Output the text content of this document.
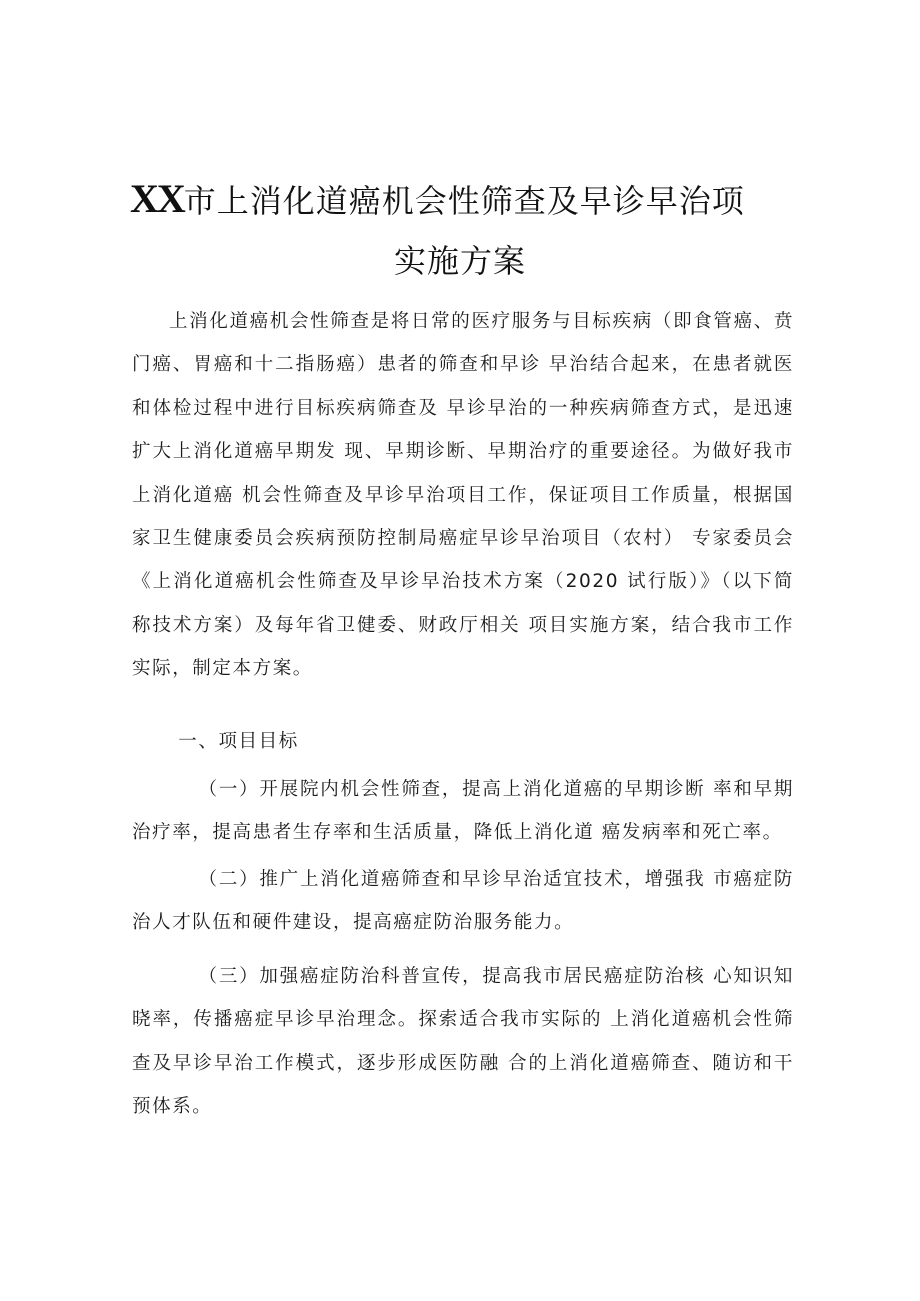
XX市上消化道癌机会性筛查及早诊早治项
实施方案

上消化道癌机会性筛查是将日常的医疗服务与目标疾病（即食管癌、贲门癌、胃癌和十二指肠癌）患者的筛查和早诊 早治结合起来，在患者就医和体检过程中进行目标疾病筛查及 早诊早治的一种疾病筛查方式，是迅速扩大上消化道癌早期发 现、早期诊断、早期治疗的重要途径。为做好我市上消化道癌 机会性筛查及早诊早治项目工作，保证项目工作质量，根据国家卫生健康委员会疾病预防控制局癌症早诊早治项目（农村） 专家委员会《上消化道癌机会性筛查及早诊早治技术方案（2020 试行版）》（以下简称技术方案）及每年省卫健委、财政厅相关 项目实施方案，结合我市工作实际，制定本方案。

一、项目目标

（一）开展院内机会性筛查，提高上消化道癌的早期诊断 率和早期治疗率，提高患者生存率和生活质量，降低上消化道 癌发病率和死亡率。

（二）推广上消化道癌筛查和早诊早治适宜技术，增强我 市癌症防治人才队伍和硬件建设，提高癌症防治服务能力。

（三）加强癌症防治科普宣传，提高我市居民癌症防治核 心知识知晓率，传播癌症早诊早治理念。探索适合我市实际的 上消化道癌机会性筛查及早诊早治工作模式，逐步形成医防融 合的上消化道癌筛查、随访和干预体系。
